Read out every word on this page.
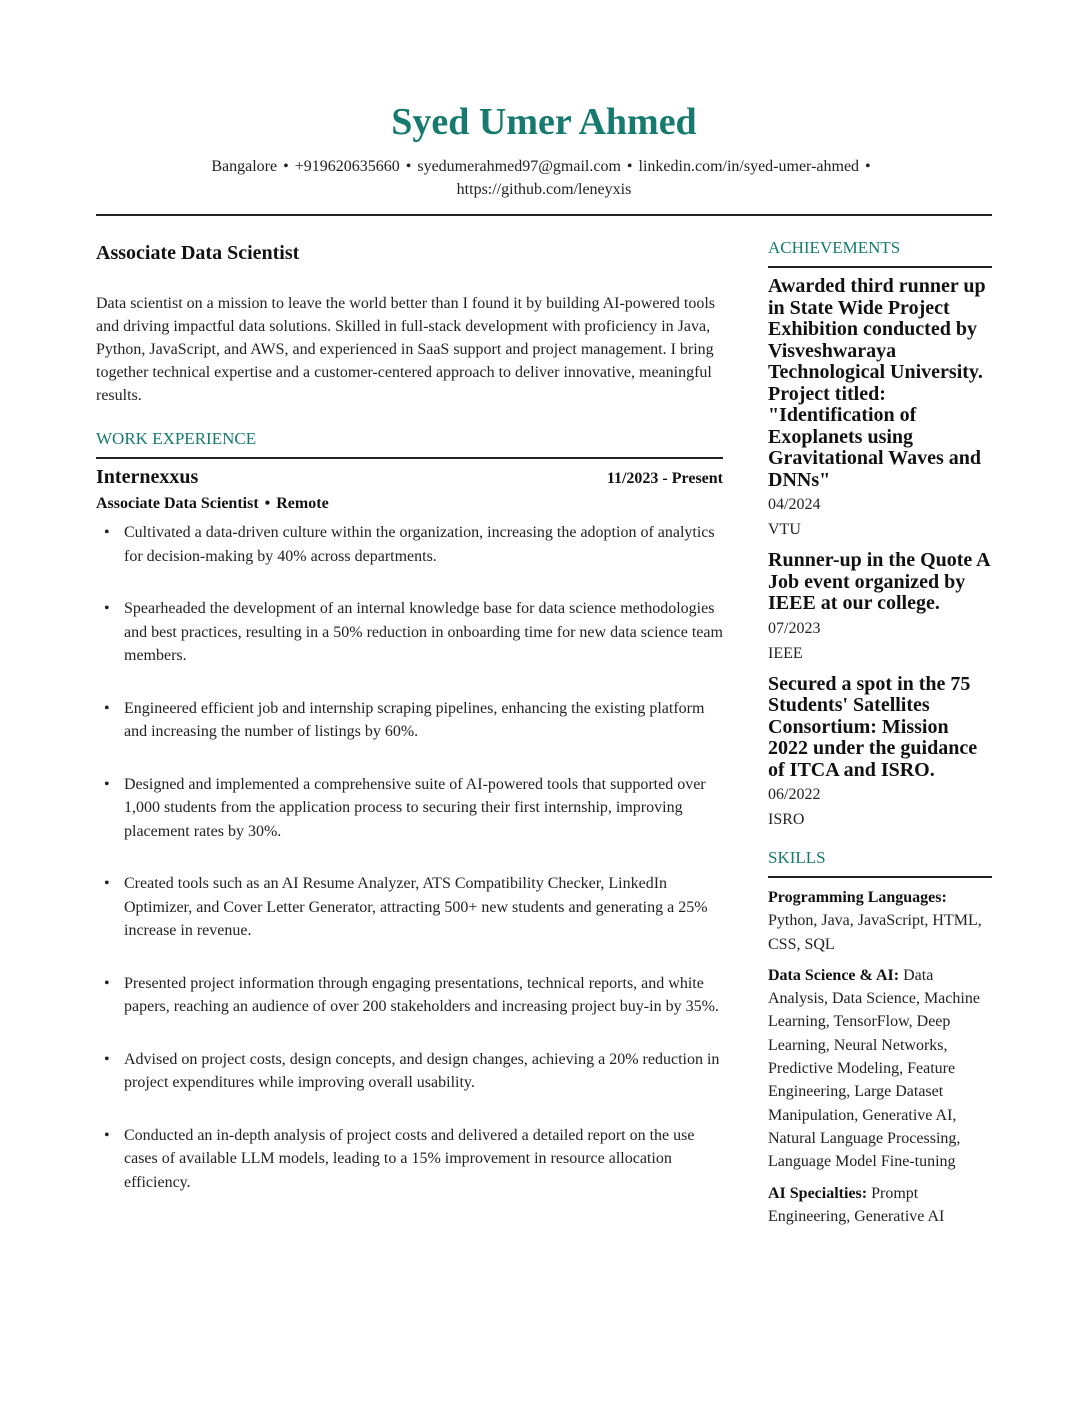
Syed Umer Ahmed
Bangalore • +919620635660 • syedumerahmed97@gmail.com • linkedin.com/in/syed-umer-ahmed •
https://github.com/leneyxis
Associate Data Scientist

Data scientist on a mission to leave the world better than I found it by building AI-powered tools and driving impactful data solutions. Skilled in full-stack development with proficiency in Java, Python, JavaScript, and AWS, and experienced in SaaS support and project management. I bring together technical expertise and a customer-centered approach to deliver innovative, meaningful results.

WORK EXPERIENCE
Internexxus	11/2023 - Present
Associate Data Scientist • Remote
• Cultivated a data-driven culture within the organization, increasing the adoption of analytics for decision-making by 40% across departments.
• Spearheaded the development of an internal knowledge base for data science methodologies and best practices, resulting in a 50% reduction in onboarding time for new data science team members.
• Engineered efficient job and internship scraping pipelines, enhancing the existing platform and increasing the number of listings by 60%.
• Designed and implemented a comprehensive suite of AI-powered tools that supported over 1,000 students from the application process to securing their first internship, improving placement rates by 30%.
• Created tools such as an AI Resume Analyzer, ATS Compatibility Checker, LinkedIn Optimizer, and Cover Letter Generator, attracting 500+ new students and generating a 25% increase in revenue.
• Presented project information through engaging presentations, technical reports, and white papers, reaching an audience of over 200 stakeholders and increasing project buy-in by 35%.
• Advised on project costs, design concepts, and design changes, achieving a 20% reduction in project expenditures while improving overall usability.
• Conducted an in-depth analysis of project costs and delivered a detailed report on the use cases of available LLM models, leading to a 15% improvement in resource allocation efficiency.
ACHIEVEMENTS
Awarded third runner up in State Wide Project Exhibition conducted by Visveshwaraya Technological University. Project titled: "Identification of Exoplanets using Gravitational Waves and DNNs"
04/2024
VTU
Runner-up in the Quote A Job event organized by IEEE at our college.
07/2023
IEEE
Secured a spot in the 75 Students' Satellites Consortium: Mission 2022 under the guidance of ITCA and ISRO.
06/2022
ISRO
SKILLS
Programming Languages: Python, Java, JavaScript, HTML, CSS, SQL
Data Science & AI: Data Analysis, Data Science, Machine Learning, TensorFlow, Deep Learning, Neural Networks, Predictive Modeling, Feature Engineering, Large Dataset Manipulation, Generative AI, Natural Language Processing, Language Model Fine-tuning
AI Specialties: Prompt Engineering, Generative AI
